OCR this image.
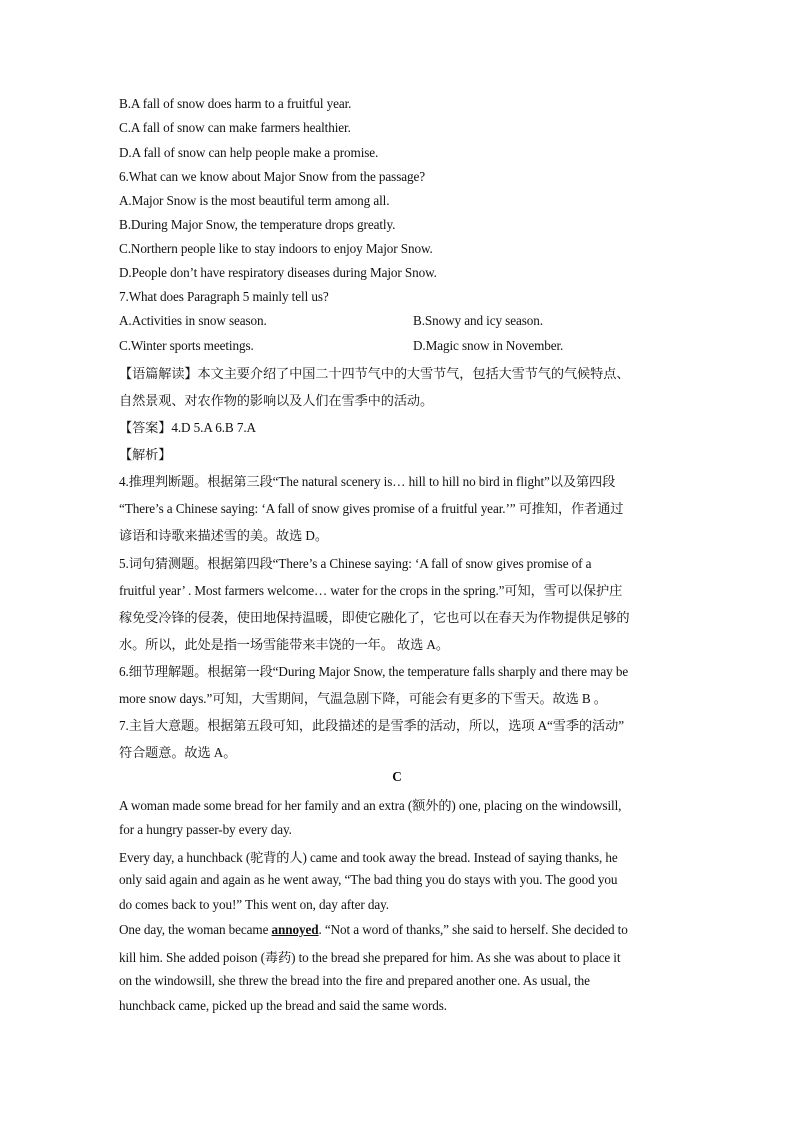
B.A fall of snow does harm to a fruitful year.
C.A fall of snow can make farmers healthier.
D.A fall of snow can help people make a promise.
6.What can we know about Major Snow from the passage?
A.Major Snow is the most beautiful term among all.
B.During Major Snow, the temperature drops greatly.
C.Northern people like to stay indoors to enjoy Major Snow.
D.People don’t have respiratory diseases during Major Snow.
7.What does Paragraph 5 mainly tell us?
A.Activities in snow season.	B.Snowy and icy season.
C.Winter sports meetings.	D.Magic snow in November.
【语篇解读】本文主要介绍了中国二十四节气中的大雪节气，包括大雪节气的气候特点、
自然景观、对农作物的影响以及人们在雪季中的活动。
【答案】4.D 5.A 6.B 7.A
【解析】
4.推理判断题。根据第三段“The natural scenery is… hill to hill no bird in flight”以及第四段
“There’s a Chinese saying: ‘A fall of snow gives promise of a fruitful year.’” 可推知，作者通过
谚语和诗歌来描述雪的美。故选 D。
5.词句猜测题。根据第四段“There’s a Chinese saying: ‘A fall of snow gives promise of a
fruitful year’ . Most farmers welcome… water for the crops in the spring.”可知，雪可以保护庄
稼免受冷锋的侵袭，使田地保持温暖，即使它融化了，它也可以在春天为作物提供足够的
水。所以，此处是指一场雪能带来丰饶的一年。 故选 A。
6.细节理解题。根据第一段“During Major Snow, the temperature falls sharply and there may be
more snow days.”可知，大雪期间，气温急剧下降，可能会有更多的下雪天。故选 B 。
7.主旨大意题。根据第五段可知，此段描述的是雪季的活动，所以，选项 A“雪季的活动”
符合题意。故选 A。
C
A woman made some bread for her family and an extra (额外的) one, placing on the windowsill,
for a hungry passer-by every day.
Every day, a hunchback (驼背的人) came and took away the bread. Instead of saying thanks, he
only said again and again as he went away, “The bad thing you do stays with you. The good you
do comes back to you!” This went on, day after day.
One day, the woman became annoyed. “Not a word of thanks,” she said to herself. She decided to
kill him. She added poison (毒药) to the bread she prepared for him. As she was about to place it
on the windowsill, she threw the bread into the fire and prepared another one. As usual, the
hunchback came, picked up the bread and said the same words.
